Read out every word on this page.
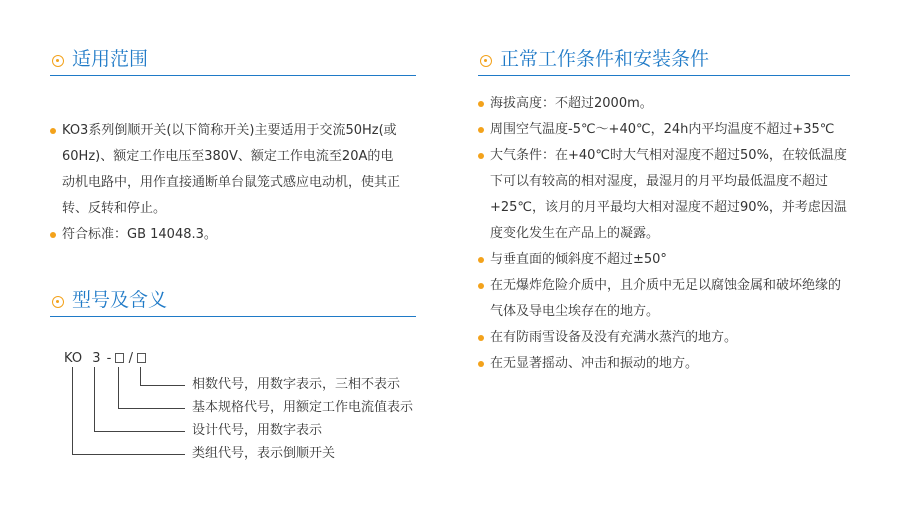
适用范围
KO3系列倒顺开关(以下简称开关)主要适用于交流50Hz(或60Hz)、额定工作电压至380V、额定工作电流至20A的电动机电路中，用作直接通断单台鼠笼式感应电动机，使其正转、反转和停止。
符合标准：GB 14048.3。
型号及含义
KO 3 - /
相数代号，用数字表示，三相不表示
基本规格代号，用额定工作电流值表示
设计代号，用数字表示
类组代号，表示倒顺开关
正常工作条件和安装条件
海拔高度：不超过2000m。
周围空气温度-5℃～+40℃，24h内平均温度不超过+35℃
大气条件：在+40℃时大气相对湿度不超过50%，在较低温度下可以有较高的相对湿度，最湿月的月平均最低温度不超过+25℃，该月的月平最均大相对湿度不超过90%，并考虑因温度变化发生在产品上的凝露。
与垂直面的倾斜度不超过±50°
在无爆炸危险介质中，且介质中无足以腐蚀金属和破坏绝缘的气体及导电尘埃存在的地方。
在有防雨雪设备及没有充满水蒸汽的地方。
在无显著摇动、冲击和振动的地方。
